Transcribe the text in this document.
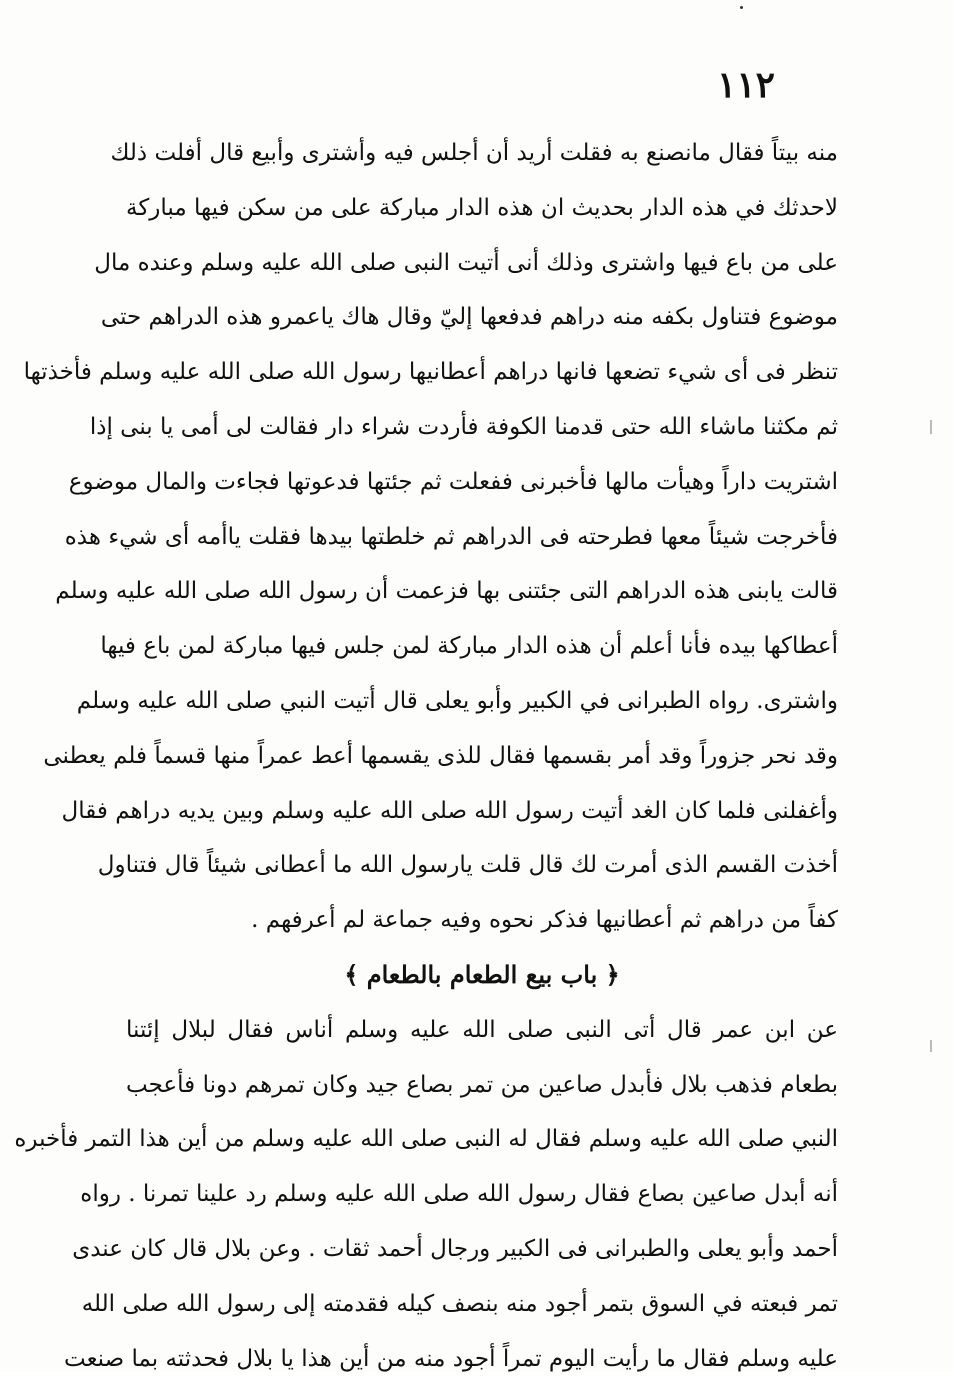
١١٢
منه بيتاً فقال مانصنع به فقلت أريد أن أجلس فيه وأشترى وأبيع قال أفلت ذلك
لاحدثك في هذه الدار بحديث ان هذه الدار مباركة على من سكن فيها مباركة
على من باع فيها واشترى وذلك أنى أتيت النبى صلى الله عليه وسلم وعنده مال
موضوع فتناول بكفه منه دراهم فدفعها إليّ وقال هاك ياعمرو هذه الدراهم حتى
تنظر فى أى شيء تضعها فانها دراهم أعطانيها رسول الله صلى الله عليه وسلم فأخذتها
ثم مكثنا ماشاء الله حتى قدمنا الكوفة فأردت شراء دار فقالت لى أمى يا بنى إذا
اشتريت داراً وهيأت مالها فأخبرنى ففعلت ثم جئتها فدعوتها فجاءت والمال موضوع
فأخرجت شيئاً معها فطرحته فى الدراهم ثم خلطتها بيدها فقلت ياأمه أى شيء هذه
قالت يابنى هذه الدراهم التى جئتنى بها فزعمت أن رسول الله صلى الله عليه وسلم
أعطاكها بيده فأنا أعلم أن هذه الدار مباركة لمن جلس فيها مباركة لمن باع فيها
واشترى. رواه الطبرانى في الكبير وأبو يعلى قال أتيت النبي صلى الله عليه وسلم
وقد نحر جزوراً وقد أمر بقسمها فقال للذى يقسمها أعط عمراً منها قسماً فلم يعطنى
وأغفلنى فلما كان الغد أتيت رسول الله صلى الله عليه وسلم وبين يديه دراهم فقال
أخذت القسم الذى أمرت لك قال قلت يارسول الله ما أعطانى شيئاً قال فتناول
كفاً من دراهم ثم أعطانيها فذكر نحوه وفيه جماعة لم أعرفهم .
﴿ باب بيع الطعام بالطعام ﴾
عن ابن عمر قال أتى النبى صلى الله عليه وسلم أناس فقال لبلال إئتنا
بطعام فذهب بلال فأبدل صاعين من تمر بصاع جيد وكان تمرهم دونا فأعجب
النبي صلى الله عليه وسلم فقال له النبى صلى الله عليه وسلم من أين هذا التمر فأخبره
أنه أبدل صاعين بصاع فقال رسول الله صلى الله عليه وسلم رد علينا تمرنا . رواه
أحمد وأبو يعلى والطبرانى فى الكبير ورجال أحمد ثقات . وعن بلال قال كان عندى
تمر فبعته في السوق بتمر أجود منه بنصف كيله فقدمته إلى رسول الله صلى الله
عليه وسلم فقال ما رأيت اليوم تمراً أجود منه من أين هذا يا بلال فحدثته بما صنعت
